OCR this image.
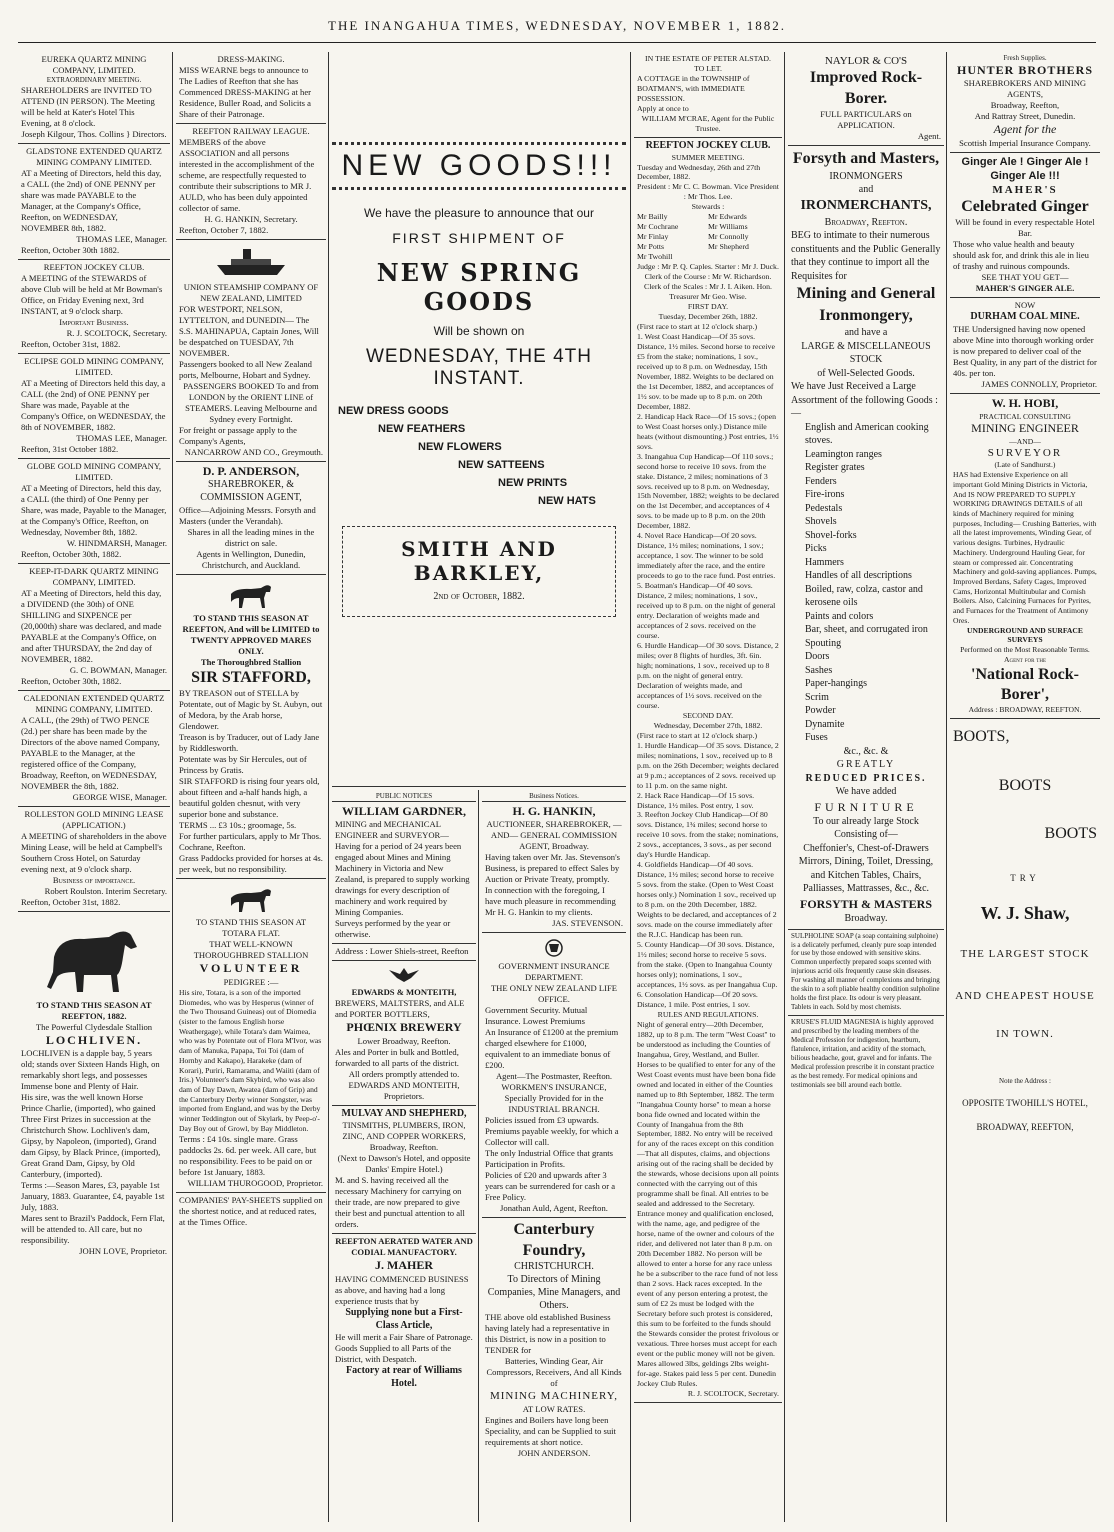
THE INANGAHUA TIMES, WEDNESDAY, NOVEMBER 1, 1882.

EUREKA QUARTZ MINING COMPANY, LIMITED.

EXTRAORDINARY MEETING.

SHAREHOLDERS are INVITED TO ATTEND (IN PERSON). The Meeting will be held at Kater's Hotel This Evening, at 8 o'clock.

Joseph Kilgour, Thos. Collins } Directors.

GLADSTONE EXTENDED QUARTZ MINING COMPANY LIMITED.

AT a Meeting of Directors, held this day, a CALL (the 2nd) of ONE PENNY per share was made PAYABLE to the Manager, at the Company's Office, Reefton, on WEDNESDAY, NOVEMBER 8th, 1882.

THOMAS LEE, Manager.

Reefton, October 30th 1882.

REEFTON JOCKEY CLUB.

A MEETING of the STEWARDS of above Club will be held at Mr Bowman's Office, on Friday Evening next, 3rd INSTANT, at 9 o'clock sharp.

Important Business.

R. J. SCOLTOCK, Secretary.

Reefton, October 31st, 1882.

ECLIPSE GOLD MINING COMPANY, LIMITED.

AT a Meeting of Directors held this day, a CALL (the 2nd) of ONE PENNY per Share was made, Payable at the Company's Office, on WEDNESDAY, the 8th of NOVEMBER, 1882.

THOMAS LEE, Manager.

Reefton, 31st October 1882.

GLOBE GOLD MINING COMPANY, LIMITED.

AT a Meeting of Directors, held this day, a CALL (the third) of One Penny per Share, was made, Payable to the Manager, at the Company's Office, Reefton, on Wednesday, November 8th, 1882.

W. HINDMARSH, Manager.

Reefton, October 30th, 1882.

KEEP-IT-DARK QUARTZ MINING COMPANY, LIMITED.

AT a Meeting of Directors, held this day, a DIVIDEND (the 30th) of ONE SHILLING and SIXPENCE per (20,000th) share was declared, and made PAYABLE at the Company's Office, on and after THURSDAY, the 2nd day of NOVEMBER, 1882.

G. C. BOWMAN, Manager.

Reefton, October 30th, 1882.

CALEDONIAN EXTENDED QUARTZ MINING COMPANY, LIMITED.

A CALL, (the 29th) of TWO PENCE (2d.) per share has been made by the Directors of the above named Company, PAYABLE to the Manager, at the registered office of the Company, Broadway, Reefton, on WEDNESDAY, NOVEMBER the 8th, 1882.

GEORGE WISE, Manager.

ROLLESTON GOLD MINING LEASE

(APPLICATION.)

A MEETING of shareholders in the above Mining Lease, will be held at Campbell's Southern Cross Hotel, on Saturday evening next, at 9 o'clock sharp.

Business of importance.

Robert Roulston. Interim Secretary.

Reefton, October 31st, 1882.

TO STAND THIS SEASON AT REEFTON, 1882.

The Powerful Clydesdale Stallion

LOCHLIVEN.

LOCHLIVEN is a dapple bay, 5 years old; stands over Sixteen Hands High, on remarkably short legs, and possesses Immense bone and Plenty of Hair.

His sire, was the well known Horse Prince Charlie, (imported), who gained Three First Prizes in succession at the Christchurch Show. Lochliven's dam, Gipsy, by Napoleon, (imported), Grand dam Gipsy, by Black Prince, (imported), Great Grand Dam, Gipsy, by Old Canterbury, (imported).

Terms :—Season Mares, £3, payable 1st January, 1883. Guarantee, £4, payable 1st July, 1883.

Mares sent to Brazil's Paddock, Fern Flat, will be attended to. All care, but no responsibility.

JOHN LOVE, Proprietor.

DRESS-MAKING.

MISS WEARNE begs to announce to The Ladies of Reefton that she has Commenced DRESS-MAKING at her Residence, Buller Road, and Solicits a Share of their Patronage.

REEFTON RAILWAY LEAGUE.

MEMBERS of the above ASSOCIATION and all persons interested in the accomplishment of the scheme, are respectfully requested to contribute their subscriptions to MR J. AULD, who has been duly appointed collector of same.

H. G. HANKIN, Secretary.

Reefton, October 7, 1882.

UNION STEAMSHIP COMPANY OF NEW ZEALAND, LIMITED

FOR WESTPORT, NELSON, LYTTELTON, and DUNEDIN— The S.S. MAHINAPUA, Captain Jones, Will be despatched on TUESDAY, 7th NOVEMBER.

Passengers booked to all New Zealand ports, Melbourne, Hobart and Sydney.

PASSENGERS BOOKED To and from LONDON by the ORIENT LINE of STEAMERS. Leaving Melbourne and Sydney every Fortnight.

For freight or passage apply to the Company's Agents,

NANCARROW AND CO., Greymouth.

D. P. ANDERSON,

SHAREBROKER, & COMMISSION AGENT,

Office—Adjoining Messrs. Forsyth and Masters (under the Verandah).

Shares in all the leading mines in the district on sale.

Agents in Wellington, Dunedin, Christchurch, and Auckland.

TO STAND THIS SEASON AT REEFTON, And will be LIMITED to TWENTY APPROVED MARES ONLY.

The Thoroughbred Stallion

SIR STAFFORD,

BY TREASON out of STELLA by Potentate, out of Magic by St. Aubyn, out of Medora, by the Arab horse, Glendower.

Treason is by Traducer, out of Lady Jane by Riddlesworth.

Potentate was by Sir Hercules, out of Princess by Gratis.

SIR STAFFORD is rising four years old, about fifteen and a-half hands high, a beautiful golden chesnut, with very superior bone and substance.

TERMS ... £3 10s.; groomage, 5s.

For further particulars, apply to Mr Thos. Cochrane, Reefton.

Grass Paddocks provided for horses at 4s. per week, but no responsibility.

TO STAND THIS SEASON AT TOTARA FLAT.

THAT WELL-KNOWN THOROUGHBRED STALLION

VOLUNTEER

PEDIGREE :—

His sire, Totara, is a son of the imported Diomedes, who was by Hesperus (winner of the Two Thousand Guineas) out of Diomedia (sister to the famous English horse Weathergage), while Totara's dam Waimea, who was by Potentate out of Flora M'Ivor, was dam of Manuka, Papapa, Toi Toi (dam of Hornby and Kakapo), Harakeke (dam of Korari), Puriri, Ramarama, and Waiiti (dam of Iris.) Volunteer's dam Skybird, who was also dam of Day Dawn, Awatea (dam of Grip) and the Canterbury Derby winner Songster, was imported from England, and was by the Derby winner Teddington out of Skylark, by Peep-o'-Day Boy out of Growl, by Bay Middleton.

Terms : £4 10s. single mare. Grass paddocks 2s. 6d. per week. All care, but no responsibility. Fees to be paid on or before 1st January, 1883.

WILLIAM THUROGOOD, Proprietor.

COMPANIES' PAY-SHEETS supplied on the shortest notice, and at reduced rates, at the Times Office.

NEW GOODS!!!

We have the pleasure to announce that our

FIRST SHIPMENT OF

NEW SPRING GOODS

Will be shown on

WEDNESDAY, THE 4TH INSTANT.

NEW DRESS GOODS

NEW FEATHERS

NEW FLOWERS

NEW SATTEENS

NEW PRINTS

NEW HATS

SMITH AND BARKLEY,

2nd of October, 1882.

PUBLIC NOTICES

WILLIAM GARDNER,

MINING and MECHANICAL ENGINEER and SURVEYOR—Having for a period of 24 years been engaged about Mines and Mining Machinery in Victoria and New Zealand, is prepared to supply working drawings for every description of machinery and work required by Mining Companies.

Surveys performed by the year or otherwise.

Address : Lower Shiels-street, Reefton

EDWARDS & MONTEITH,

BREWERS, MALTSTERS, and ALE and PORTER BOTTLERS,

PHŒNIX BREWERY

Lower Broadway, Reefton.

Ales and Porter in bulk and Bottled, forwarded to all parts of the district.

All orders promptly attended to.

EDWARDS AND MONTEITH, Proprietors.

MULVAY AND SHEPHERD,

TINSMITHS, PLUMBERS, IRON, ZINC, AND COPPER WORKERS,

Broadway, Reefton.

(Next to Dawson's Hotel, and opposite Danks' Empire Hotel.)

M. and S. having received all the necessary Machinery for carrying on their trade, are now prepared to give their best and punctual attention to all orders.

REEFTON AERATED WATER AND CODIAL MANUFACTORY.

J. MAHER

HAVING COMMENCED BUSINESS as above, and having had a long experience trusts that by

Supplying none but a First-Class Article,

He will merit a Fair Share of Patronage.

Goods Supplied to all Parts of the District, with Despatch.

Factory at rear of Williams Hotel.

Business Notices.

H. G. HANKIN,

AUCTIONEER, SHAREBROKER, —AND— GENERAL COMMISSION AGENT, Broadway.

Having taken over Mr. Jas. Stevenson's Business, is prepared to effect Sales by Auction or Private Treaty, promptly.

In connection with the foregoing, I have much pleasure in recommending Mr H. G. Hankin to my clients.

JAS. STEVENSON.

GOVERNMENT INSURANCE DEPARTMENT.

THE ONLY NEW ZEALAND LIFE OFFICE.

Government Security. Mutual Insurance. Lowest Premiums

An Insurance of £1200 at the premium charged elsewhere for £1000, equivalent to an immediate bonus of £200.

Agent—The Postmaster, Reefton.

WORKMEN'S INSURANCE, Specially Provided for in the INDUSTRIAL BRANCH.

Policies issued from £3 upwards. Premiums payable weekly, for which a Collector will call.

The only Industrial Office that grants Participation in Profits.

Policies of £20 and upwards after 3 years can be surrendered for cash or a Free Policy.

Jonathan Auld, Agent, Reefton.

Canterbury Foundry,

CHRISTCHURCH.

To Directors of Mining Companies, Mine Managers, and Others.

THE above old established Business having lately had a representative in this District, is now in a position to TENDER for

Batteries, Winding Gear, Air Compressors, Receivers, And all Kinds of

MINING MACHINERY,

AT LOW RATES.

Engines and Boilers have long been Speciality, and can be Supplied to suit requirements at short notice.

JOHN ANDERSON.

IN THE ESTATE OF PETER ALSTAD.

TO LET.

A COTTAGE in the TOWNSHIP of BOATMAN'S, with IMMEDIATE POSSESSION.

Apply at once to

WILLIAM M'CRAE, Agent for the Public Trustee.

REEFTON JOCKEY CLUB.

SUMMER MEETING.

Tuesday and Wednesday, 26th and 27th December, 1882.

President : Mr C. C. Bowman. Vice President : Mr Thos. Lee.

Stewards :

Mr Bailly	Mr Edwards

Mr Cochrane	Mr Williams

Mr Finlay	Mr Connolly

Mr Potts	Mr Shepherd

Mr Twohill

Judge : Mr P. Q. Caples. Starter : Mr J. Duck. Clerk of the Course : Mr W. Richardson. Clerk of the Scales : Mr J. I. Aiken. Hon. Treasurer Mr Geo. Wise.

FIRST DAY.

Tuesday, December 26th, 1882.

(First race to start at 12 o'clock sharp.)

1. West Coast Handicap—Of 35 sovs. Distance, 1½ miles. Second horse to receive £5 from the stake; nominations, 1 sov., received up to 8 p.m. on Wednesday, 15th November, 1882. Weights to be declared on the 1st December, 1882, and acceptances of 1½ sov. to be made up to 8 p.m. on 20th December, 1882.

2. Handicap Hack Race—Of 15 sovs.; (open to West Coast horses only.) Distance mile heats (without dismounting.) Post entries, 1½ sovs.

3. Inangahua Cup Handicap—Of 110 sovs.; second horse to receive 10 sovs. from the stake. Distance, 2 miles; nominations of 3 sovs. received up to 8 p.m. on Wednesday, 15th November, 1882; weights to be declared on the 1st December, and acceptances of 4 sovs. to be made up to 8 p.m. on the 20th December, 1882.

4. Novel Race Handicap—Of 20 sovs. Distance, 1½ miles; nominations, 1 sov.; acceptance, 1 sov. The winner to be sold immediately after the race, and the entire proceeds to go to the race fund. Post entries.

5. Boatman's Handicap—Of 40 sovs. Distance, 2 miles; nominations, 1 sov., received up to 8 p.m. on the night of general entry. Declaration of weights made and acceptances of 2 sovs. received on the course.

6. Hurdle Handicap—Of 30 sovs. Distance, 2 miles; over 8 flights of hurdles, 3ft. 6in. high; nominations, 1 sov., received up to 8 p.m. on the night of general entry. Declaration of weights made, and acceptances of 1½ sovs. received on the course.

SECOND DAY.

Wednesday, December 27th, 1882.

(First race to start at 12 o'clock sharp.)

1. Hurdle Handicap—Of 35 sovs. Distance, 2 miles; nominations, 1 sov., received up to 8 p.m. on the 26th December; weights declared at 9 p.m.; acceptances of 2 sovs. received up to 11 p.m. on the same night.

2. Hack Race Handicap—Of 15 sovs. Distance, 1½ miles. Post entry, 1 sov.

3. Reefton Jockey Club Handicap—Of 80 sovs. Distance, 1¾ miles; second horse to receive 10 sovs. from the stake; nominations, 2 sovs., acceptances, 3 sovs., as per second day's Hurdle Handicap.

4. Goldfields Handicap—Of 40 sovs. Distance, 1½ miles; second horse to receive 5 sovs. from the stake. (Open to West Coast horses only.) Nomination 1 sov., received up to 8 p.m. on the 20th December, 1882. Weights to be declared, and acceptances of 2 sovs. made on the course immediately after the R.J.C. Handicap has been run.

5. County Handicap—Of 30 sovs. Distance, 1½ miles; second horse to receive 5 sovs. from the stake. (Open to Inangahua County horses only); nominations, 1 sov., acceptances, 1½ sovs. as per Inangahua Cup.

6. Consolation Handicap—Of 20 sovs. Distance, 1 mile. Post entries, 1 sov.

RULES AND REGULATIONS.

Night of general entry—20th December, 1882, up to 8 p.m. The term "West Coast" to be understood as including the Counties of Inangahua, Grey, Westland, and Buller. Horses to be qualified to enter for any of the West Coast events must have been bona fide owned and located in either of the Counties named up to 8th September, 1882. The term "Inangahua County horse" to mean a horse bona fide owned and located within the County of Inangahua from the 8th September, 1882. No entry will be received for any of the races except on this condition—That all disputes, claims, and objections arising out of the racing shall be decided by the stewards, whose decisions upon all points connected with the carrying out of this programme shall be final. All entries to be sealed and addressed to the Secretary. Entrance money and qualification enclosed, with the name, age, and pedigree of the horse, name of the owner and colours of the rider, and delivered not later than 8 p.m. on 20th December 1882. No person will be allowed to enter a horse for any race unless he be a subscriber to the race fund of not less than 2 sovs. Hack races excepted. In the event of any person entering a protest, the sum of £2 2s must be lodged with the Secretary before such protest is considered, this sum to be forfeited to the funds should the Stewards consider the protest frivolous or vexatious. Three horses must accept for each event or the public money will not be given. Mares allowed 3lbs, geldings 2lbs weight-for-age. Stakes paid less 5 per cent. Dunedin Jockey Club Rules.

R. J. SCOLTOCK, Secretary.

NAYLOR & CO'S

Improved Rock-Borer.

FULL PARTICULARS on APPLICATION.

Agent.

Forsyth and Masters,

IRONMONGERS

and

IRONMERCHANTS,

Broadway, Reefton.

BEG to intimate to their numerous constituents and the Public Generally that they continue to import all the Requisites for

Mining and General

Ironmongery,

and have a

LARGE & MISCELLANEOUS STOCK

of Well-Selected Goods.

We have Just Received a Large Assortment of the following Goods :—

English and American cooking stoves.

Leamington ranges

Register grates

Fenders

Fire-irons

Pedestals

Shovels

Shovel-forks

Picks

Hammers

Handles of all descriptions

Boiled, raw, colza, castor and kerosene oils

Paints and colors

Bar, sheet, and corrugated iron

Spouting

Doors

Sashes

Paper-hangings

Scrim

Powder

Dynamite

Fuses

&c., &c. &

GREATLY

REDUCED PRICES.

We have added

FURNITURE

To our already large Stock Consisting of—

Cheffonier's, Chest-of-Drawers Mirrors, Dining, Toilet, Dressing, and Kitchen Tables, Chairs, Palliasses, Mattrasses, &c., &c.

FORSYTH & MASTERS

Broadway.

SULPHOLINE SOAP (a soap containing sulphoine) is a delicately perfumed, cleanly pure soap intended for use by those endowed with sensitive skins. Common unperfectly prepared soaps scented with injurious acrid oils frequently cause skin diseases. For washing all manner of complexions and bringing the skin to a soft pliable healthy condition sulpholine holds the first place. Its odour is very pleasant. Tablets in each. Sold by most chemists.

KRUSE'S FLUID MAGNESIA is highly approved and prescribed by the leading members of the Medical Profession for indigestion, heartburn, flatulence, irritation, and acidity of the stomach, bilious headache, gout, gravel and for infants. The Medical profession prescribe it in constant practice as the best remedy. For medical opinions and testimonials see bill around each bottle.

Fresh Supplies.

HUNTER BROTHERS

SHAREBROKERS AND MINING AGENTS,

Broadway, Reefton,

And Rattray Street, Dunedin.

Agent for the

Scottish Imperial Insurance Company.

Ginger Ale ! Ginger Ale ! Ginger Ale !!!

MAHER'S

Celebrated Ginger

Will be found in every respectable Hotel Bar.

Those who value health and beauty should ask for, and drink this ale in lieu of trashy and ruinous compounds.

SEE THAT YOU GET—

MAHER'S GINGER ALE.

NOW

DURHAM COAL MINE.

THE Undersigned having now opened above Mine into thorough working order is now prepared to deliver coal of the Best Quality, in any part of the district for 40s. per ton.

JAMES CONNOLLY, Proprietor.

W. H. HOBI,

PRACTICAL CONSULTING

MINING ENGINEER

—AND—

SURVEYOR

(Late of Sandhurst.)

HAS had Extensive Experience on all important Gold Mining Districts in Victoria, And IS NOW PREPARED TO SUPPLY WORKING DRAWINGS DETAILS of all kinds of Machinery required for mining purposes, Including— Crushing Batteries, with all the latest improvements, Winding Gear, of various designs. Turbines, Hydraulic Machinery. Underground Hauling Gear, for steam or compressed air. Concentrating Machinery and gold-saving appliances. Pumps, Improved Berdans, Safety Cages, Improved Cams, Horizontal Multitubular and Cornish Boilers. Also, Calcining Furnaces for Pyrites, and Furnaces for the Treatment of Antimony Ores.

UNDERGROUND AND SURFACE SURVEYS

Performed on the Most Reasonable Terms.

Agent for the

'National Rock-Borer',

Address : BROADWAY, REEFTON.

BOOTS,

BOOTS

BOOTS

TRY

W. J. Shaw,

THE LARGEST STOCK

AND CHEAPEST HOUSE

IN TOWN.

Note the Address :

OPPOSITE TWOHILL'S HOTEL,

BROADWAY, REEFTON,
